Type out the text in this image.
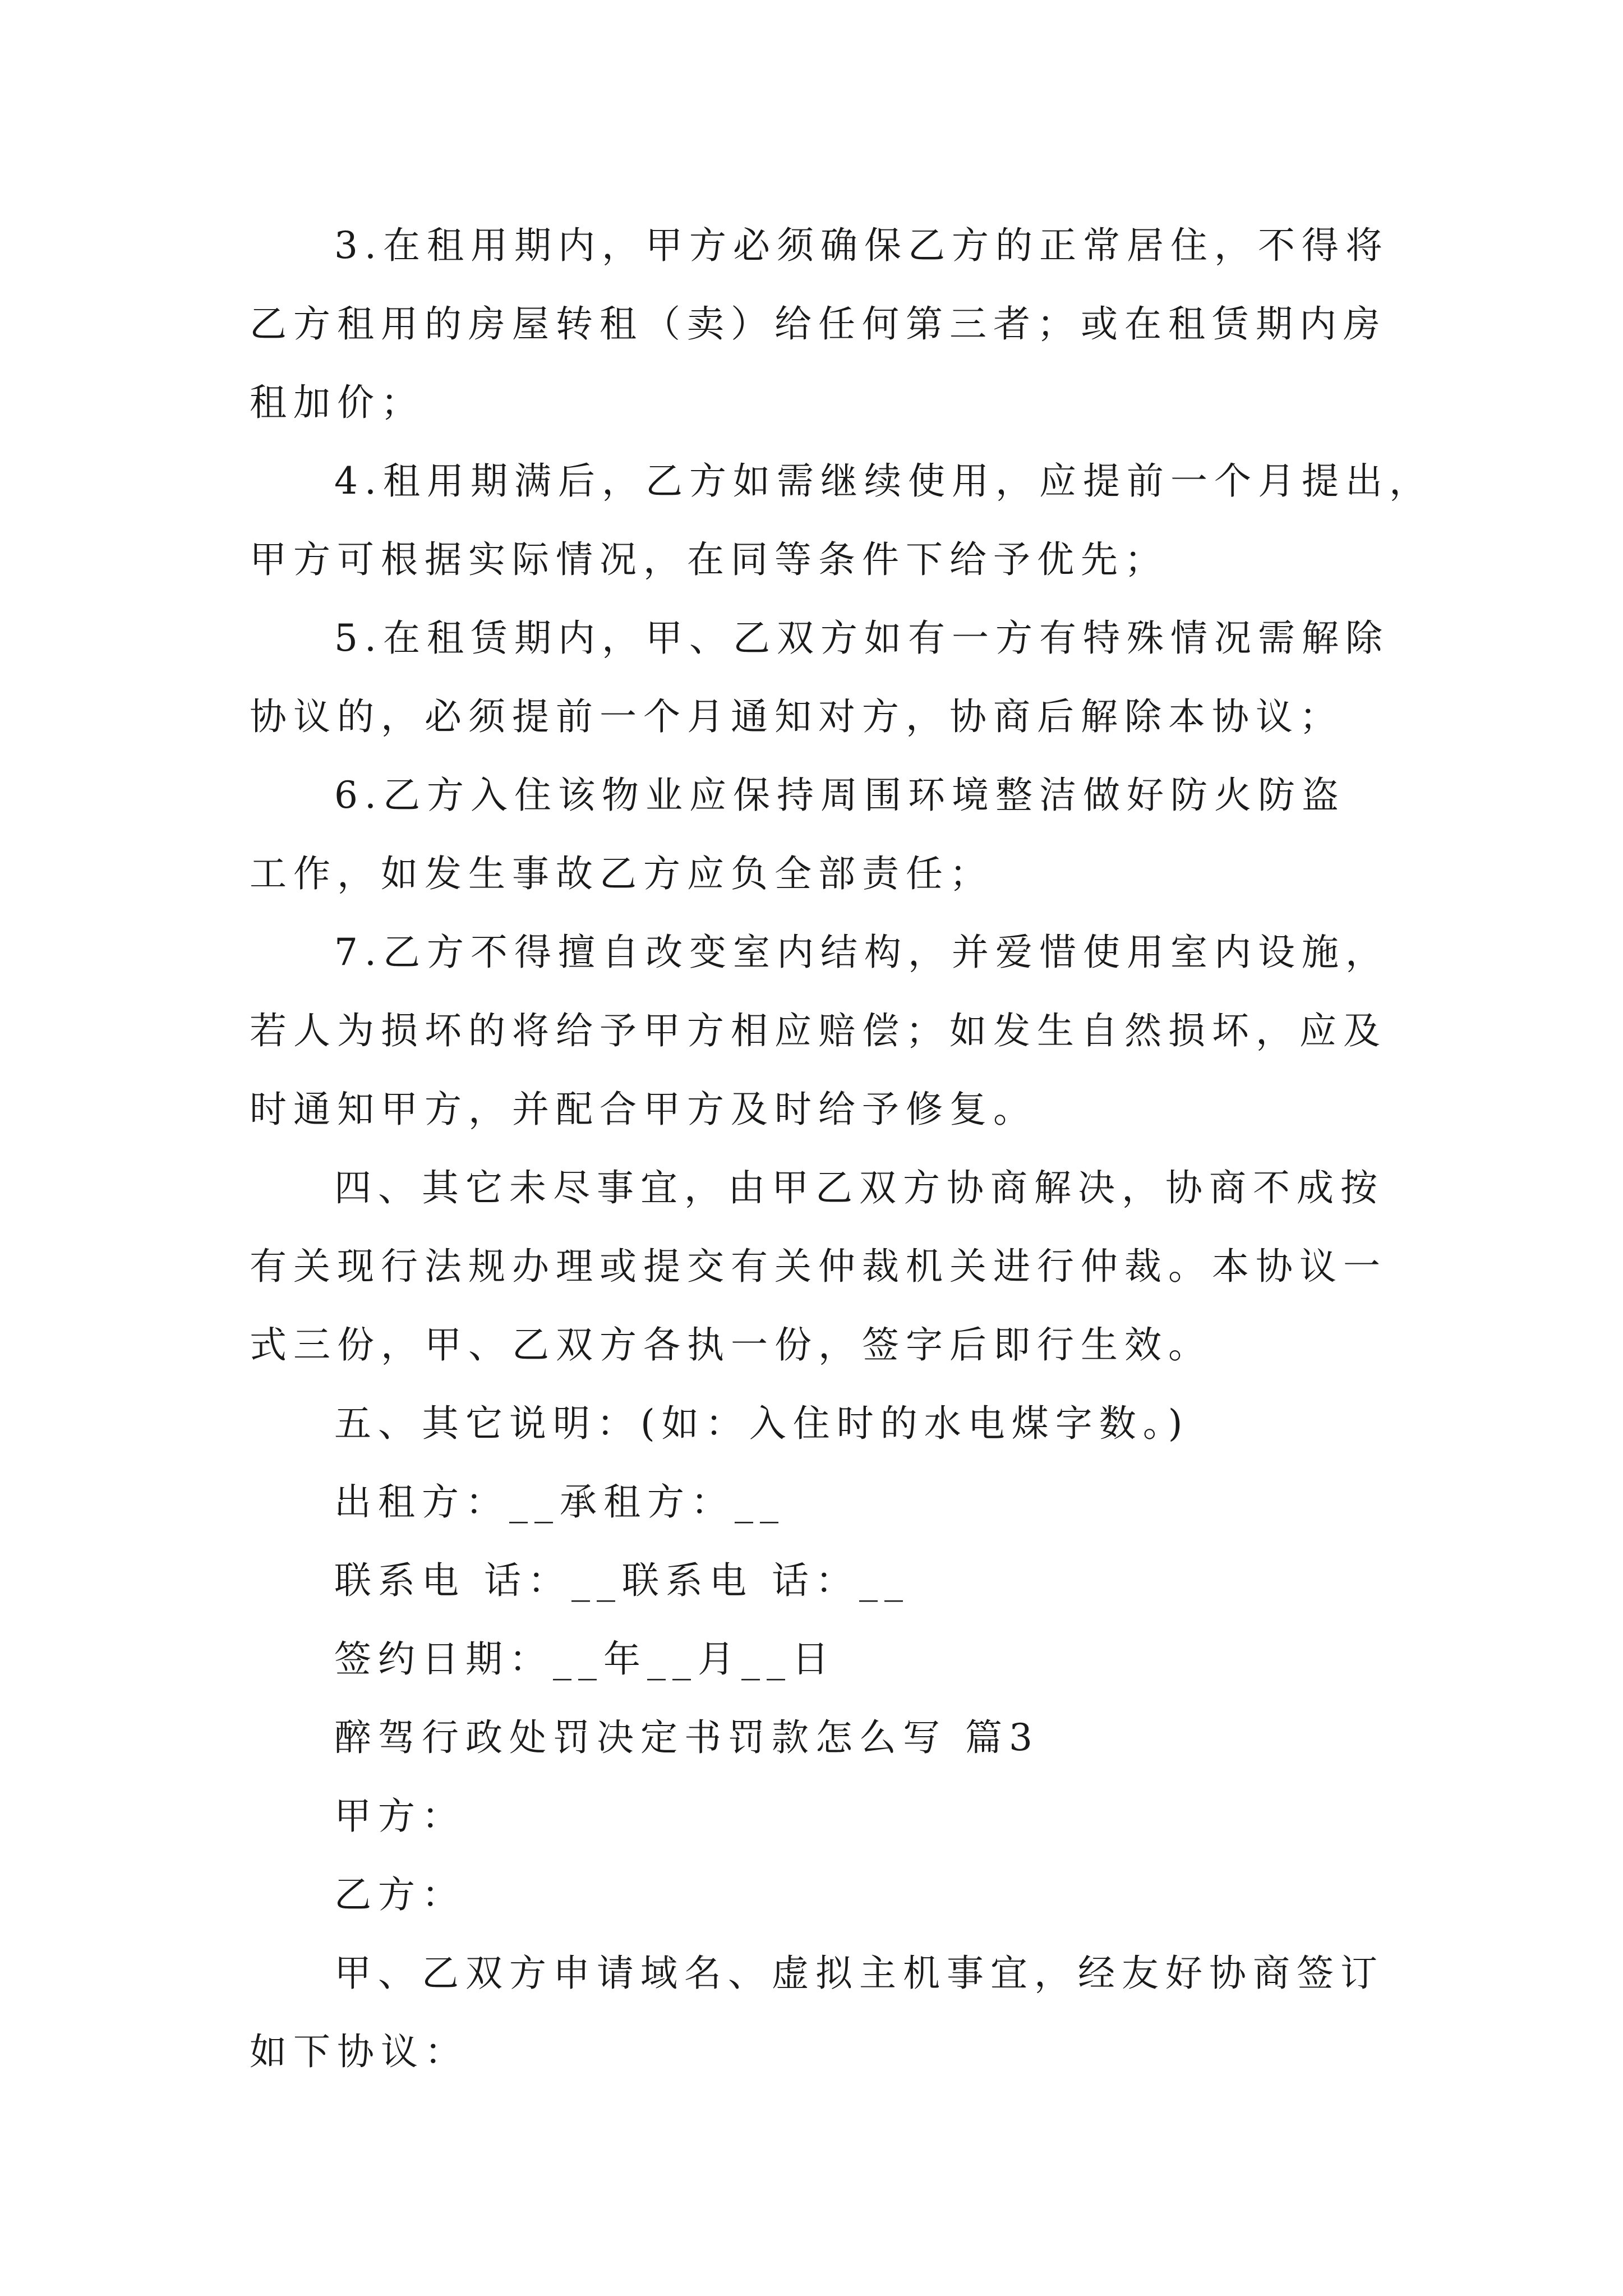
3.在租用期内，甲方必须确保乙方的正常居住，不得将
乙方租用的房屋转租（卖）给任何第三者；或在租赁期内房
租加价；
4.租用期满后，乙方如需继续使用，应提前一个月提出，
甲方可根据实际情况，在同等条件下给予优先；
5.在租赁期内，甲、乙双方如有一方有特殊情况需解除
协议的，必须提前一个月通知对方，协商后解除本协议；
6.乙方入住该物业应保持周围环境整洁做好防火防盗
工作，如发生事故乙方应负全部责任；
7.乙方不得擅自改变室内结构，并爱惜使用室内设施，
若人为损坏的将给予甲方相应赔偿；如发生自然损坏，应及
时通知甲方，并配合甲方及时给予修复。
四、其它未尽事宜，由甲乙双方协商解决，协商不成按
有关现行法规办理或提交有关仲裁机关进行仲裁。本协议一
式三份，甲、乙双方各执一份，签字后即行生效。
五、其它说明：(如：入住时的水电煤字数。)
出租方：__承租方：__
联系电 话：__联系电 话：__
签约日期：__年__月__日
醉驾行政处罚决定书罚款怎么写 篇3
甲方：
乙方：
甲、乙双方申请域名、虚拟主机事宜，经友好协商签订
如下协议：
